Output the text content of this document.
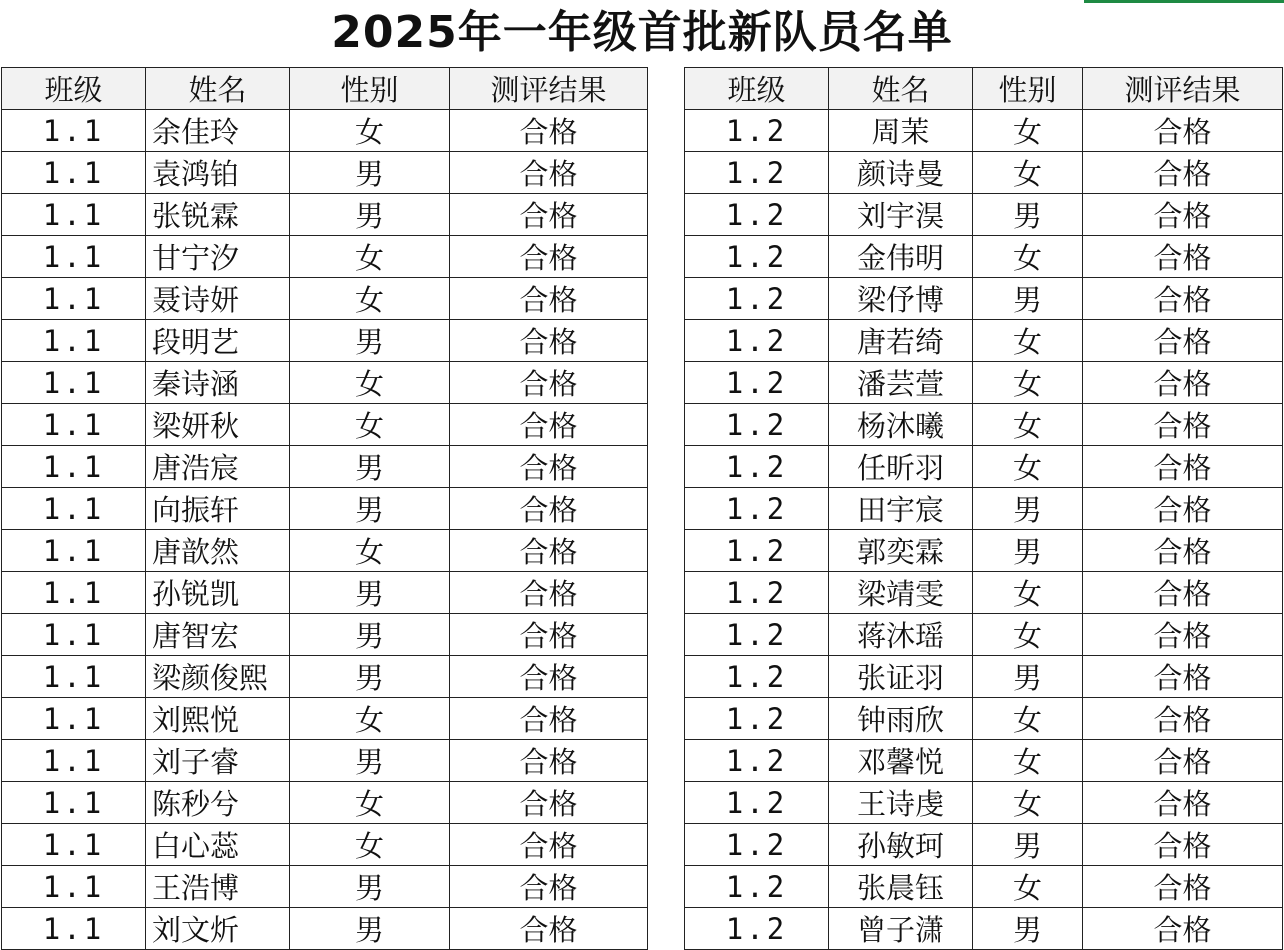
2025年一年级首批新队员名单
班级	姓名	性别	测评结果
1.1	余佳玲	女	合格
1.1	袁鸿铂	男	合格
1.1	张锐霖	男	合格
1.1	甘宁汐	女	合格
1.1	聂诗妍	女	合格
1.1	段明艺	男	合格
1.1	秦诗涵	女	合格
1.1	梁妍秋	女	合格
1.1	唐浩宸	男	合格
1.1	向振轩	男	合格
1.1	唐歆然	女	合格
1.1	孙锐凯	男	合格
1.1	唐智宏	男	合格
1.1	梁颜俊熙	男	合格
1.1	刘熙悦	女	合格
1.1	刘子睿	男	合格
1.1	陈秒兮	女	合格
1.1	白心蕊	女	合格
1.1	王浩博	男	合格
1.1	刘文炘	男	合格
班级	姓名	性别	测评结果
1.2	周茉	女	合格
1.2	颜诗曼	女	合格
1.2	刘宇淏	男	合格
1.2	金伟明	女	合格
1.2	梁伃博	男	合格
1.2	唐若绮	女	合格
1.2	潘芸萱	女	合格
1.2	杨沐曦	女	合格
1.2	任昕羽	女	合格
1.2	田宇宸	男	合格
1.2	郭奕霖	男	合格
1.2	梁靖雯	女	合格
1.2	蒋沐瑶	女	合格
1.2	张证羽	男	合格
1.2	钟雨欣	女	合格
1.2	邓馨悦	女	合格
1.2	王诗虔	女	合格
1.2	孙敏珂	男	合格
1.2	张晨钰	女	合格
1.2	曾子潇	男	合格
